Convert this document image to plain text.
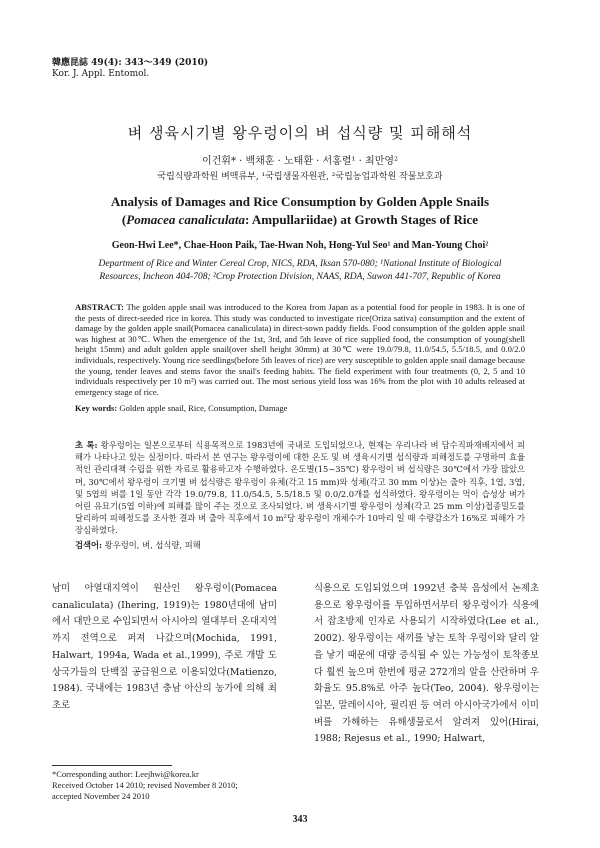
韓應昆誌 49(4): 343～349 (2010)
Kor. J. Appl. Entomol.
벼 생육시기별 왕우렁이의 벼 섭식량 및 피해해석
이건휘* · 백채훈 · 노태환 · 서홍렬¹ · 최만영²
국립식량과학원 벼맥류부, ¹국립생물자원관, ²국립농업과학원 작물보호과
Analysis of Damages and Rice Consumption by Golden Apple Snails
(Pomacea canaliculata: Ampullariidae) at Growth Stages of Rice
Geon-Hwi Lee*, Chae-Hoon Paik, Tae-Hwan Noh, Hong-Yul Seo¹ and Man-Young Choi²
Department of Rice and Winter Cereal Crop, NICS, RDA, Iksan 570-080; ¹National Institute of Biological
Resources, Incheon 404-708; ²Crop Protection Division, NAAS, RDA, Suwon 441-707, Republic of Korea
ABSTRACT: The golden apple snail was introduced to the Korea from Japan as a potential food for people in 1983. It is one of the pests of direct-seeded rice in korea. This study was conducted to investigate rice(Oriza sativa) consumption and the extent of damage by the golden apple snail(Pomacea canaliculata) in direct-sown paddy fields. Food consumption of the golden apple snail was highest at 30℃. When the emergence of the 1st, 3rd, and 5th leave of rice supplied food, the consumption of young(shell height 15mm) and adult golden apple snail(over shell height 30mm) at 30℃ were 19.0/79.8, 11.0/54.5, 5.5/18.5, and 0.0/2.0 individuals, respectively. Young rice seedlings(before 5th leaves of rice) are very susceptible to golden apple snail damage because the young, tender leaves and stems favor the snail's feeding habits. The field experiment with four treatments (0, 2, 5 and 10 individuals respectively per 10 m²) was carried out. The most serious yield loss was 16% from the plot with 10 adults released at emergency stage of rice.
Key words: Golden apple snail, Rice, Consumption, Damage
초 록: 왕우렁이는 일본으로부터 식용목적으로 1983년에 국내로 도입되었으나, 현재는 우리나라 벼 담수직파재배지에서 피해가 나타나고 있는 실정이다. 따라서 본 연구는 왕우렁이에 대한 온도 및 벼 생육시기별 섭식량과 피해정도를 구명하여 효율적인 관리대책 수립을 위한 자료로 활용하고자 수행하였다. 온도별(15~35℃) 왕우렁이 벼 섭식량은 30℃에서 가장 많았으며, 30℃에서 왕우렁이 크기별 벼 섭식량은 왕우렁이 유체(각고 15 mm)와 성체(각고 30 mm 이상)는 출아 직후, 1엽, 3엽, 및 5엽의 벼를 1일 동안 각각 19.0/79.8, 11.0/54.5, 5.5/18.5 및 0.0/2.0개를 섭식하였다. 왕우렁이는 먹이 습성상 벼가 어린 유묘기(5엽 이하)에 피해를 많이 주는 것으로 조사되었다. 벼 생육시기별 왕우렁이 성체(각고 25 mm 이상)접종밀도를 달리하여 피해정도를 조사한 결과 벼 출아 직후에서 10 m²당 왕우렁이 개체수가 10마리 일 때 수량감소가 16%로 피해가 가장심하였다.
검색어: 왕우렁이, 벼, 섭식량, 피해
남미 아열대지역이 원산인 왕우렁이(Pomacea canaliculata) (Ihering, 1919)는 1980년대에 남미에서 대만으로 수입되면서 아시아의 열대부터 온대지역까지 전역으로 퍼져 나갔으며(Mochida, 1991, Halwart, 1994a, Wada et al.,1999), 주로 개발 도상국가들의 단백질 공급원으로 이용되었다(Matienzo, 1984). 국내에는 1983년 충남 아산의 농가에 의해 최초로
식용으로 도입되었으며 1992년 충북 음성에서 논제초용으로 왕우렁이를 투입하면서부터 왕우렁이가 식용에서 잡초방제 인자로 사용되기 시작하였다(Lee et al., 2002). 왕우렁이는 새끼를 낳는 토착 우렁이와 달리 알을 낳기 때문에 대량 증식될 수 있는 가능성이 토착종보다 훨씬 높으며 한번에 평균 272개의 알을 산란하며 우화율도 95.8%로 아주 높다(Teo, 2004). 왕우렁이는 일본, 말레이시아, 필리핀 등 여러 아시아국가에서 이미 벼를 가해하는 유해생물로서 알려져 있어(Hirai, 1988; Rejesus et al., 1990; Halwart,
*Corresponding author: Leejhwi@korea.kr
Received October 14 2010; revised November 8 2010;
accepted November 24 2010
343
